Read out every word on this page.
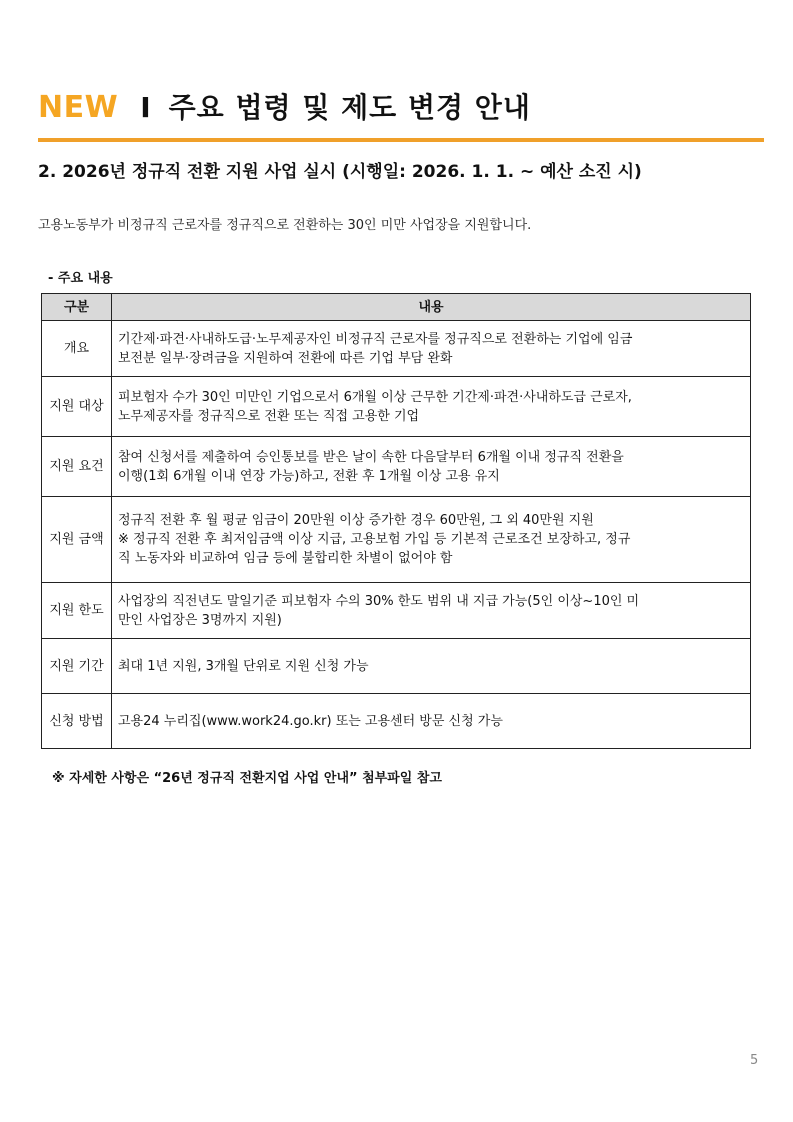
NEW I 주요 법령 및 제도 변경 안내
2. 2026년 정규직 전환 지원 사업 실시 (시행일: 2026. 1. 1. ~ 예산 소진 시)
고용노동부가 비정규직 근로자를 정규직으로 전환하는 30인 미만 사업장을 지원합니다.
- 주요 내용
구분	내용
개요	기간제·파견·사내하도급·노무제공자인 비정규직 근로자를 정규직으로 전환하는 기업에 임금
보전분 일부·장려금을 지원하여 전환에 따른 기업 부담 완화

지원 대상	피보험자 수가 30인 미만인 기업으로서 6개월 이상 근무한 기간제·파견·사내하도급 근로자,
노무제공자를 정규직으로 전환 또는 직접 고용한 기업

지원 요건	참여 신청서를 제출하여 승인통보를 받은 날이 속한 다음달부터 6개월 이내 정규직 전환을
이행(1회 6개월 이내 연장 가능)하고, 전환 후 1개월 이상 고용 유지

지원 금액	정규직 전환 후 월 평균 임금이 20만원 이상 증가한 경우 60만원, 그 외 40만원 지원
※ 정규직 전환 후 최저임금액 이상 지급, 고용보험 가입 등 기본적 근로조건 보장하고, 정규
직 노동자와 비교하여 임금 등에 불합리한 차별이 없어야 함

지원 한도	사업장의 직전년도 말일기준 피보험자 수의 30% 한도 범위 내 지급 가능(5인 이상~10인 미
만인 사업장은 3명까지 지원)

지원 기간	최대 1년 지원, 3개월 단위로 지원 신청 가능

신청 방법	고용24 누리집(www.work24.go.kr) 또는 고용센터 방문 신청 가능
※ 자세한 사항은 “26년 정규직 전환지업 사업 안내” 첨부파일 참고
5
